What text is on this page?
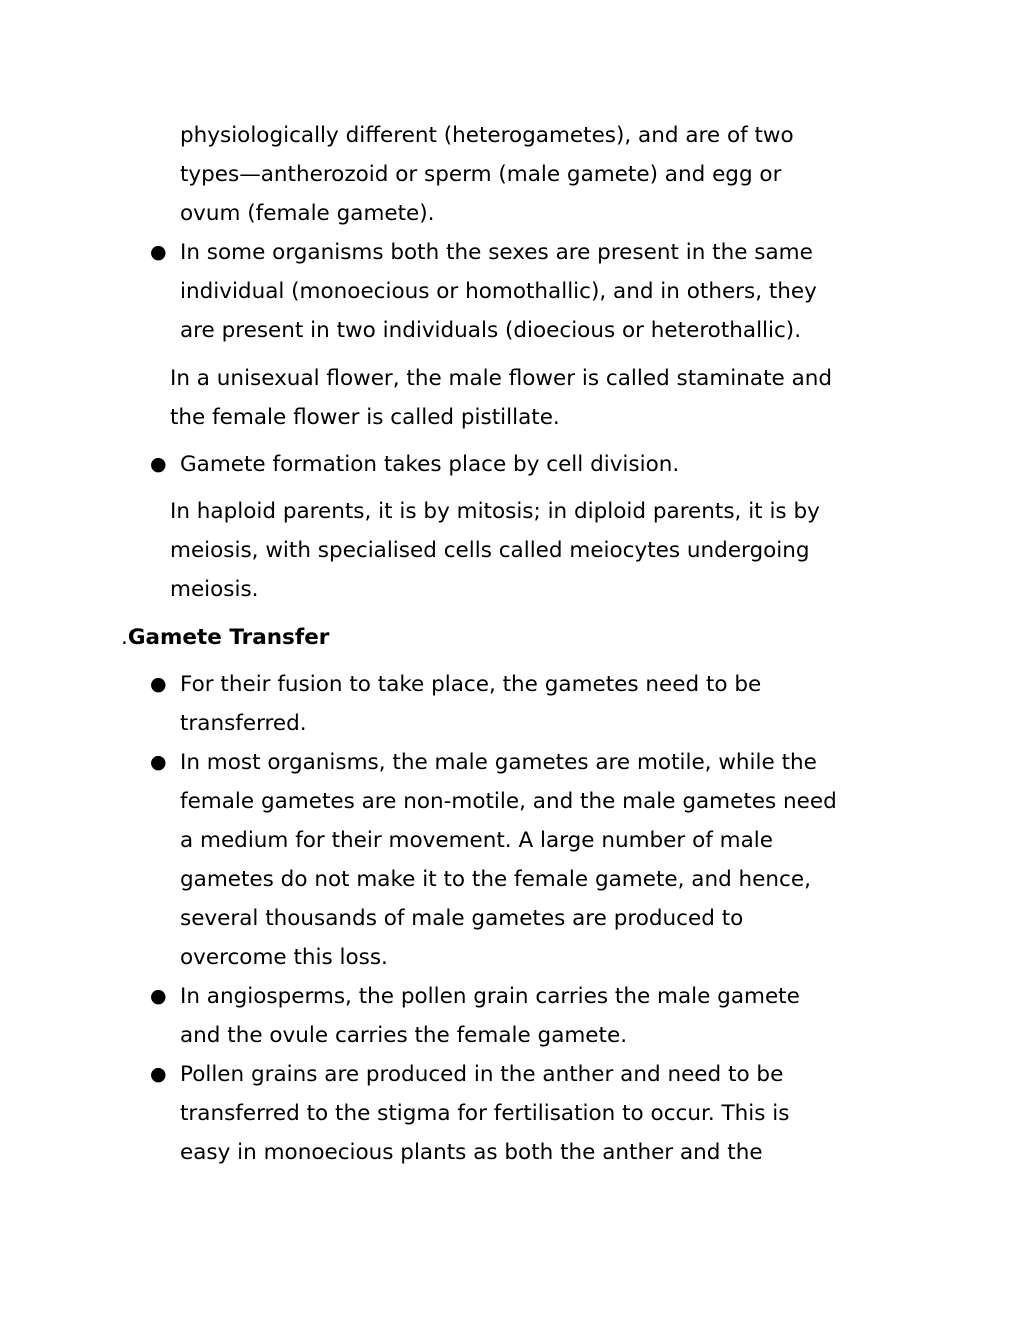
physiologically different (heterogametes), and are of two
types—antherozoid or sperm (male gamete) and egg or
ovum (female gamete).
● In some organisms both the sexes are present in the same
individual (monoecious or homothallic), and in others, they
are present in two individuals (dioecious or heterothallic).
In a unisexual flower, the male flower is called staminate and
the female flower is called pistillate.
● Gamete formation takes place by cell division.
In haploid parents, it is by mitosis; in diploid parents, it is by
meiosis, with specialised cells called meiocytes undergoing
meiosis.
.Gamete Transfer
● For their fusion to take place, the gametes need to be
transferred.
● In most organisms, the male gametes are motile, while the
female gametes are non-motile, and the male gametes need
a medium for their movement. A large number of male
gametes do not make it to the female gamete, and hence,
several thousands of male gametes are produced to
overcome this loss.
● In angiosperms, the pollen grain carries the male gamete
and the ovule carries the female gamete.
● Pollen grains are produced in the anther and need to be
transferred to the stigma for fertilisation to occur. This is
easy in monoecious plants as both the anther and the
